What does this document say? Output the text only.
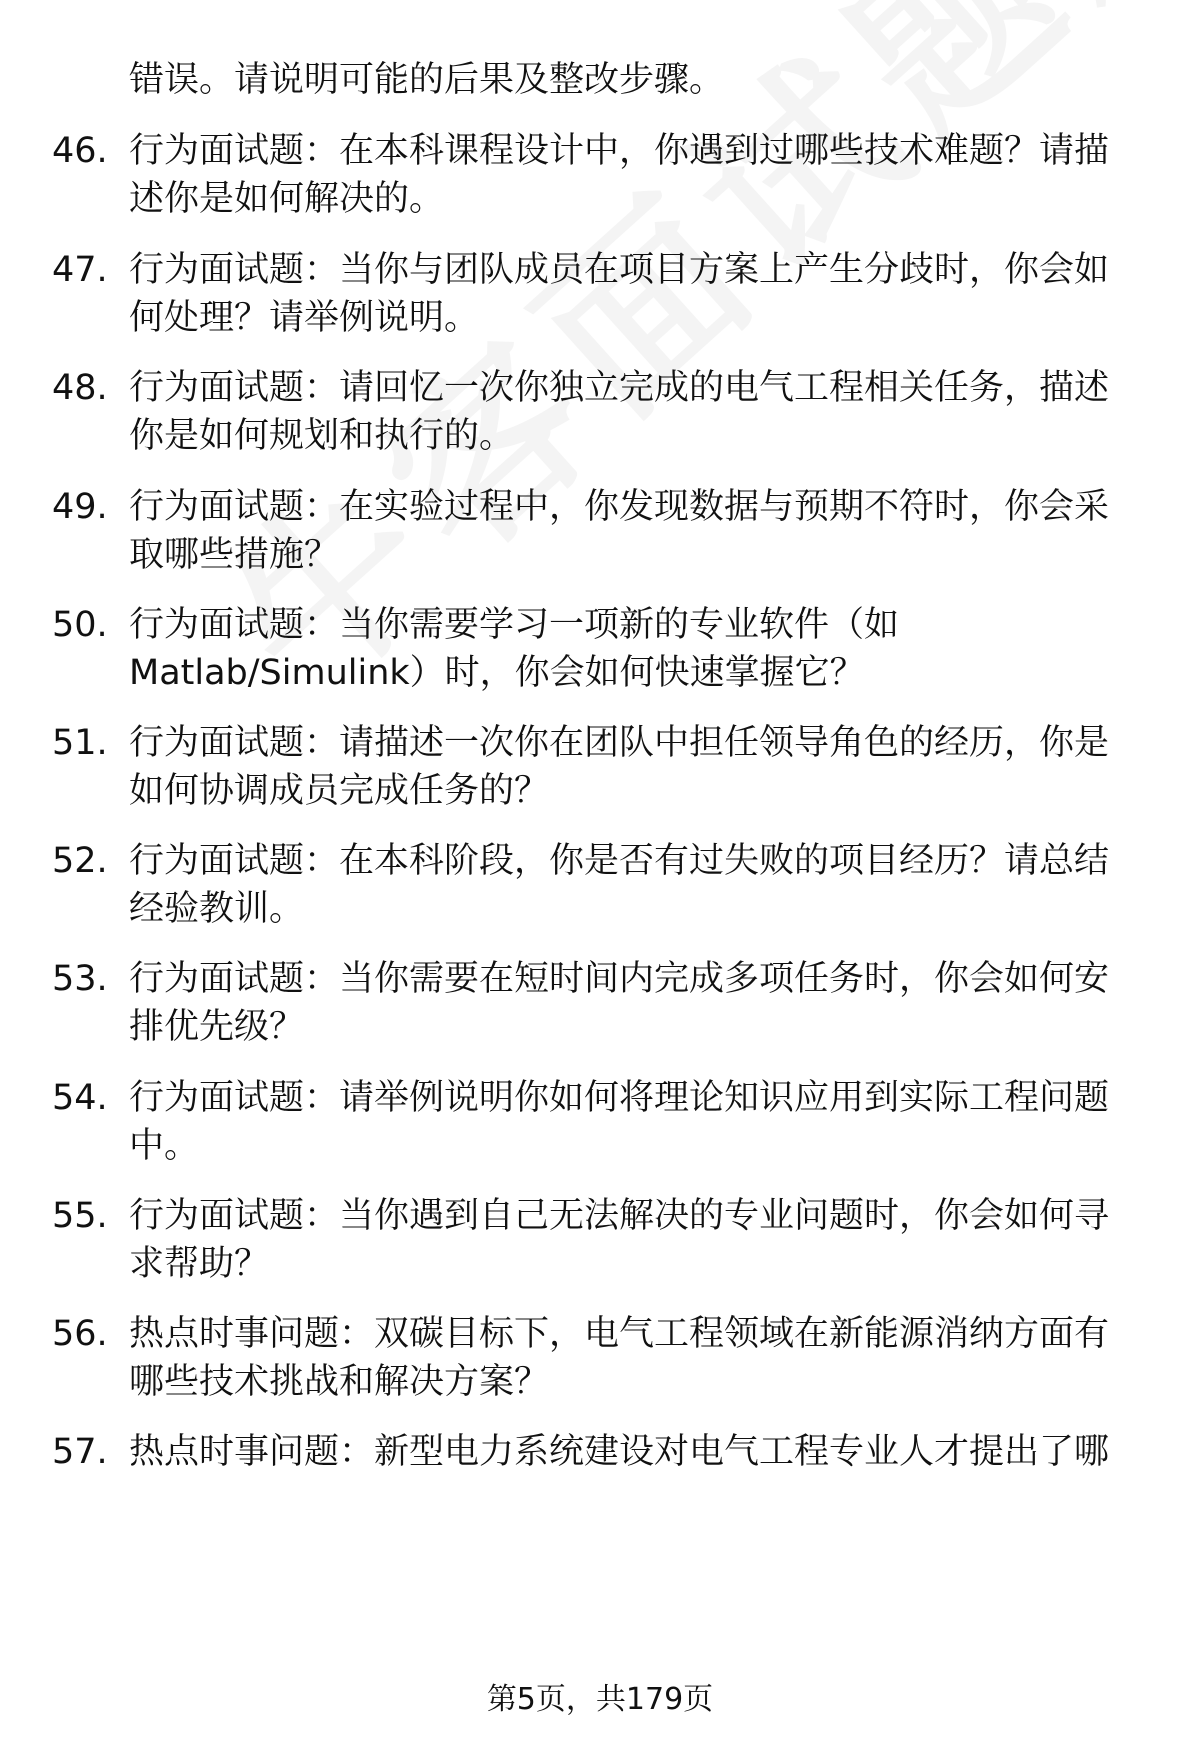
错误。请说明可能的后果及整改步骤。
46. 行为面试题：在本科课程设计中，你遇到过哪些技术难题？请描
述你是如何解决的。
47. 行为面试题：当你与团队成员在项目方案上产生分歧时，你会如
何处理？请举例说明。
48. 行为面试题：请回忆一次你独立完成的电气工程相关任务，描述
你是如何规划和执行的。
49. 行为面试题：在实验过程中，你发现数据与预期不符时，你会采
取哪些措施？
50. 行为面试题：当你需要学习一项新的专业软件（如
Matlab/Simulink）时，你会如何快速掌握它？
51. 行为面试题：请描述一次你在团队中担任领导角色的经历，你是
如何协调成员完成任务的？
52. 行为面试题：在本科阶段，你是否有过失败的项目经历？请总结
经验教训。
53. 行为面试题：当你需要在短时间内完成多项任务时，你会如何安
排优先级？
54. 行为面试题：请举例说明你如何将理论知识应用到实际工程问题
中。
55. 行为面试题：当你遇到自己无法解决的专业问题时，你会如何寻
求帮助？
56. 热点时事问题：双碳目标下，电气工程领域在新能源消纳方面有
哪些技术挑战和解决方案？
57. 热点时事问题：新型电力系统建设对电气工程专业人才提出了哪
第5页，共179页
